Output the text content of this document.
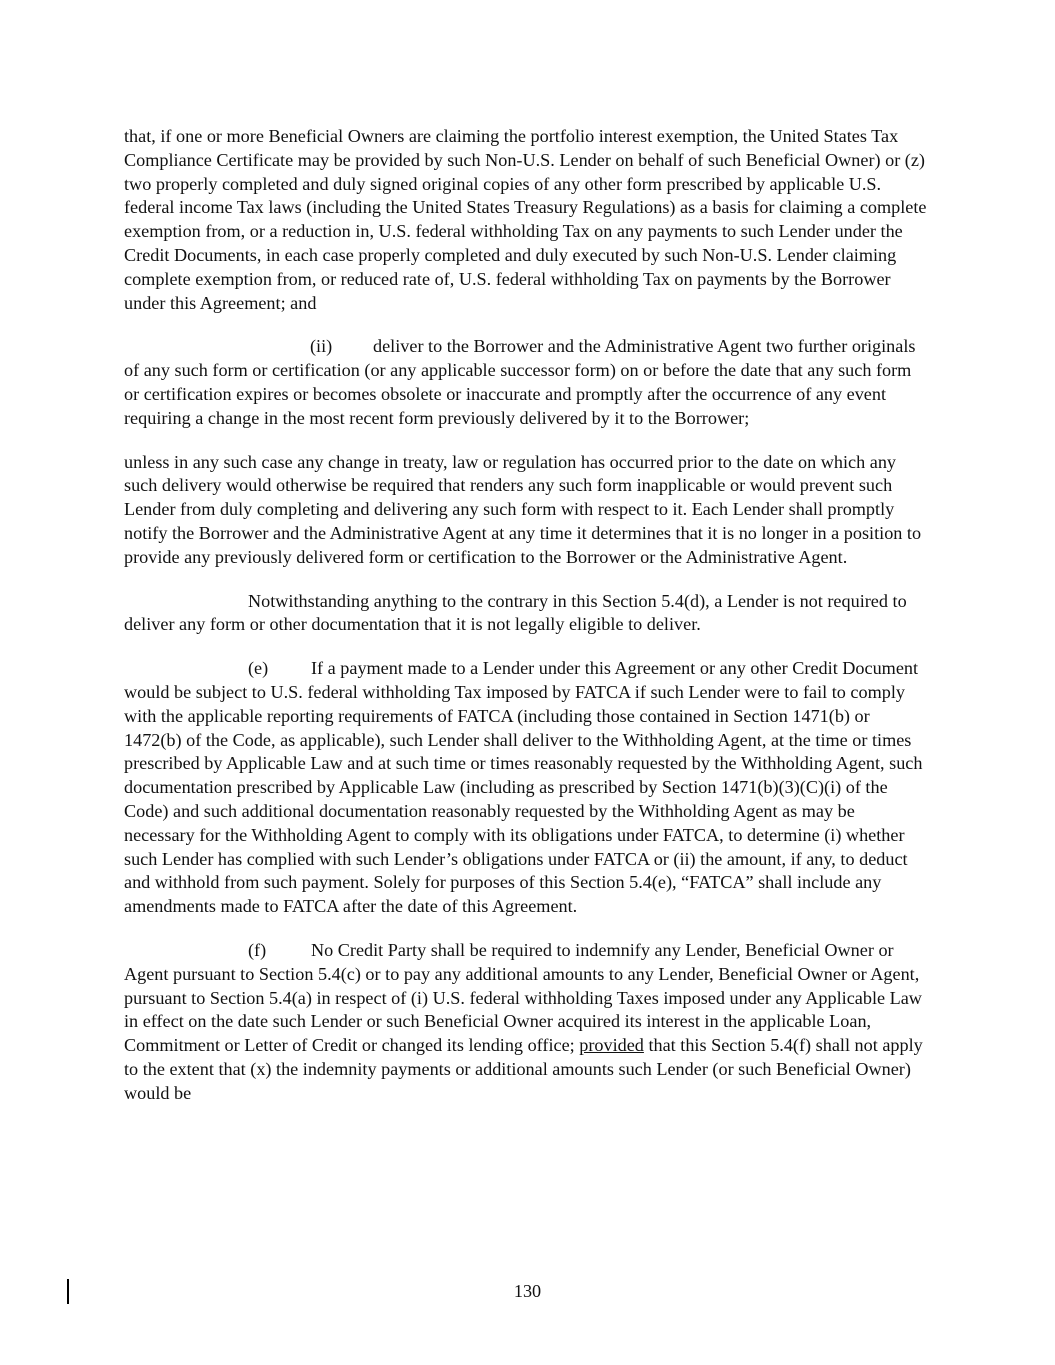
that, if one or more Beneficial Owners are claiming the portfolio interest exemption, the United States Tax Compliance Certificate may be provided by such Non-U.S. Lender on behalf of such Beneficial Owner) or (z) two properly completed and duly signed original copies of any other form prescribed by applicable U.S. federal income Tax laws (including the United States Treasury Regulations) as a basis for claiming a complete exemption from, or a reduction in, U.S. federal withholding Tax on any payments to such Lender under the Credit Documents, in each case properly completed and duly executed by such Non-U.S. Lender claiming complete exemption from, or reduced rate of, U.S. federal withholding Tax on payments by the Borrower under this Agreement; and

(ii) deliver to the Borrower and the Administrative Agent two further originals of any such form or certification (or any applicable successor form) on or before the date that any such form or certification expires or becomes obsolete or inaccurate and promptly after the occurrence of any event requiring a change in the most recent form previously delivered by it to the Borrower;

unless in any such case any change in treaty, law or regulation has occurred prior to the date on which any such delivery would otherwise be required that renders any such form inapplicable or would prevent such Lender from duly completing and delivering any such form with respect to it. Each Lender shall promptly notify the Borrower and the Administrative Agent at any time it determines that it is no longer in a position to provide any previously delivered form or certification to the Borrower or the Administrative Agent.

Notwithstanding anything to the contrary in this Section 5.4(d), a Lender is not required to deliver any form or other documentation that it is not legally eligible to deliver.

(e) If a payment made to a Lender under this Agreement or any other Credit Document would be subject to U.S. federal withholding Tax imposed by FATCA if such Lender were to fail to comply with the applicable reporting requirements of FATCA (including those contained in Section 1471(b) or 1472(b) of the Code, as applicable), such Lender shall deliver to the Withholding Agent, at the time or times prescribed by Applicable Law and at such time or times reasonably requested by the Withholding Agent, such documentation prescribed by Applicable Law (including as prescribed by Section 1471(b)(3)(C)(i) of the Code) and such additional documentation reasonably requested by the Withholding Agent as may be necessary for the Withholding Agent to comply with its obligations under FATCA, to determine (i) whether such Lender has complied with such Lender’s obligations under FATCA or (ii) the amount, if any, to deduct and withhold from such payment. Solely for purposes of this Section 5.4(e), “FATCA” shall include any amendments made to FATCA after the date of this Agreement.

(f) No Credit Party shall be required to indemnify any Lender, Beneficial Owner or Agent pursuant to Section 5.4(c) or to pay any additional amounts to any Lender, Beneficial Owner or Agent, pursuant to Section 5.4(a) in respect of (i) U.S. federal withholding Taxes imposed under any Applicable Law in effect on the date such Lender or such Beneficial Owner acquired its interest in the applicable Loan, Commitment or Letter of Credit or changed its lending office; provided that this Section 5.4(f) shall not apply to the extent that (x) the indemnity payments or additional amounts such Lender (or such Beneficial Owner) would be

130
